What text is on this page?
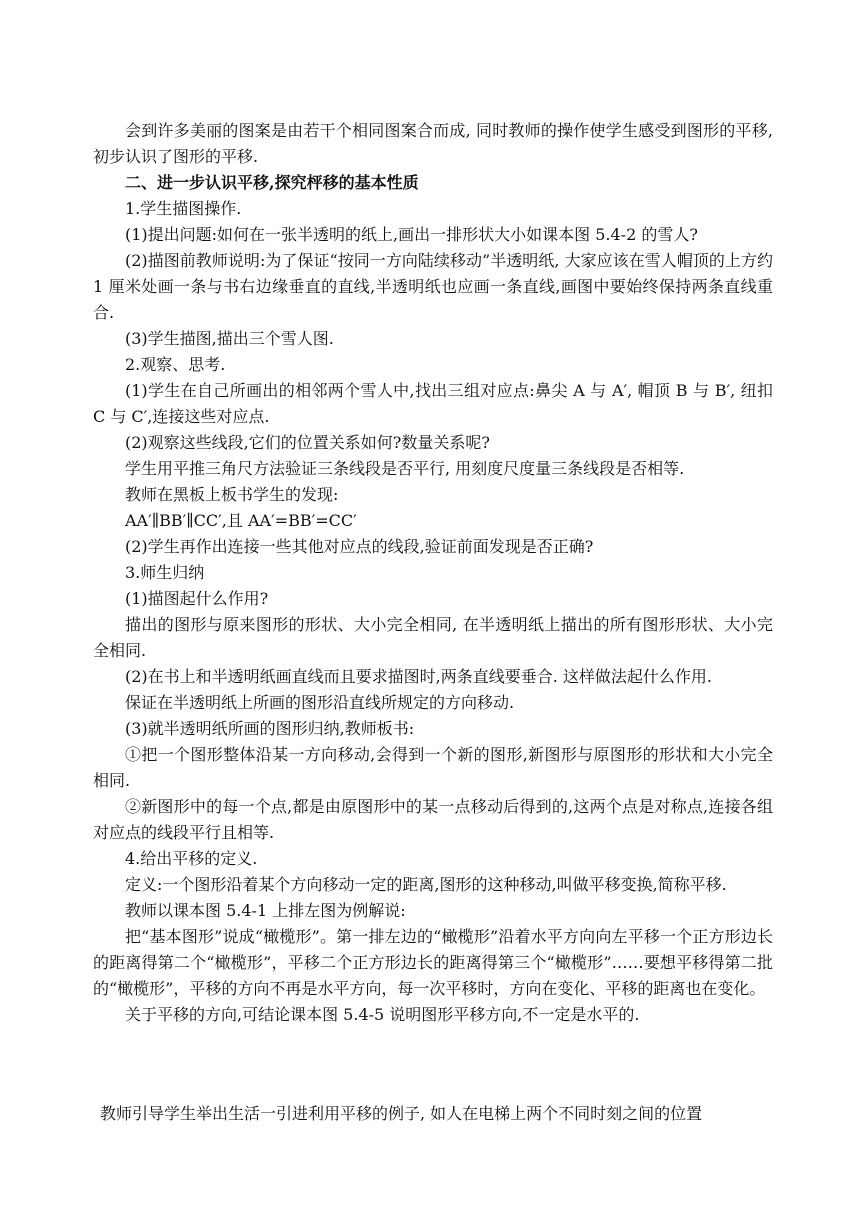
会到许多美丽的图案是由若干个相同图案合而成, 同时教师的操作使学生感受到图形的平移,初步认识了图形的平移.

二、进一步认识平移,探究枰移的基本性质

1.学生描图操作.

(1)提出问题:如何在一张半透明的纸上,画出一排形状大小如课本图 5.4-2 的雪人?

(2)描图前教师说明:为了保证“按同一方向陆续移动”半透明纸, 大家应该在雪人帽顶的上方约 1 厘米处画一条与书右边缘垂直的直线,半透明纸也应画一条直线,画图中要始终保持两条直线重合.

(3)学生描图,描出三个雪人图.

2.观察、思考.

(1)学生在自己所画出的相邻两个雪人中,找出三组对应点:鼻尖 A 与 A′, 帽顶 B 与 B′, 纽扣 C 与 C′,连接这些对应点.

(2)观察这些线段,它们的位置关系如何?数量关系呢?

学生用平推三角尺方法验证三条线段是否平行, 用刻度尺度量三条线段是否相等.

教师在黑板上板书学生的发现:

AA′∥BB′∥CC′,且 AA′=BB′=CC′

(2)学生再作出连接一些其他对应点的线段,验证前面发现是否正确?

3.师生归纳

(1)描图起什么作用?

描出的图形与原来图形的形状、大小完全相同, 在半透明纸上描出的所有图形形状、大小完全相同.

(2)在书上和半透明纸画直线而且要求描图时,两条直线要垂合. 这样做法起什么作用.

保证在半透明纸上所画的图形沿直线所规定的方向移动.

(3)就半透明纸所画的图形归纳,教师板书:

①把一个图形整体沿某一方向移动,会得到一个新的图形,新图形与原图形的形状和大小完全相同.

②新图形中的每一个点,都是由原图形中的某一点移动后得到的,这两个点是对称点,连接各组对应点的线段平行且相等.

4.给出平移的定义.

定义:一个图形沿着某个方向移动一定的距离,图形的这种移动,叫做平移变换,简称平移.

教师以课本图 5.4-1 上排左图为例解说:

把“基本图形”说成“橄榄形”。第一排左边的“橄榄形”沿着水平方向向左平移一个正方形边长的距离得第二个“橄榄形”，平移二个正方形边长的距离得第三个“橄榄形”……要想平移得第二批的“橄榄形”，平移的方向不再是水平方向，每一次平移时，方向在变化、平移的距离也在变化。

关于平移的方向,可结论课本图 5.4-5 说明图形平移方向,不一定是水平的.

教师引导学生举出生活一引进利用平移的例子, 如人在电梯上两个不同时刻之间的位置
